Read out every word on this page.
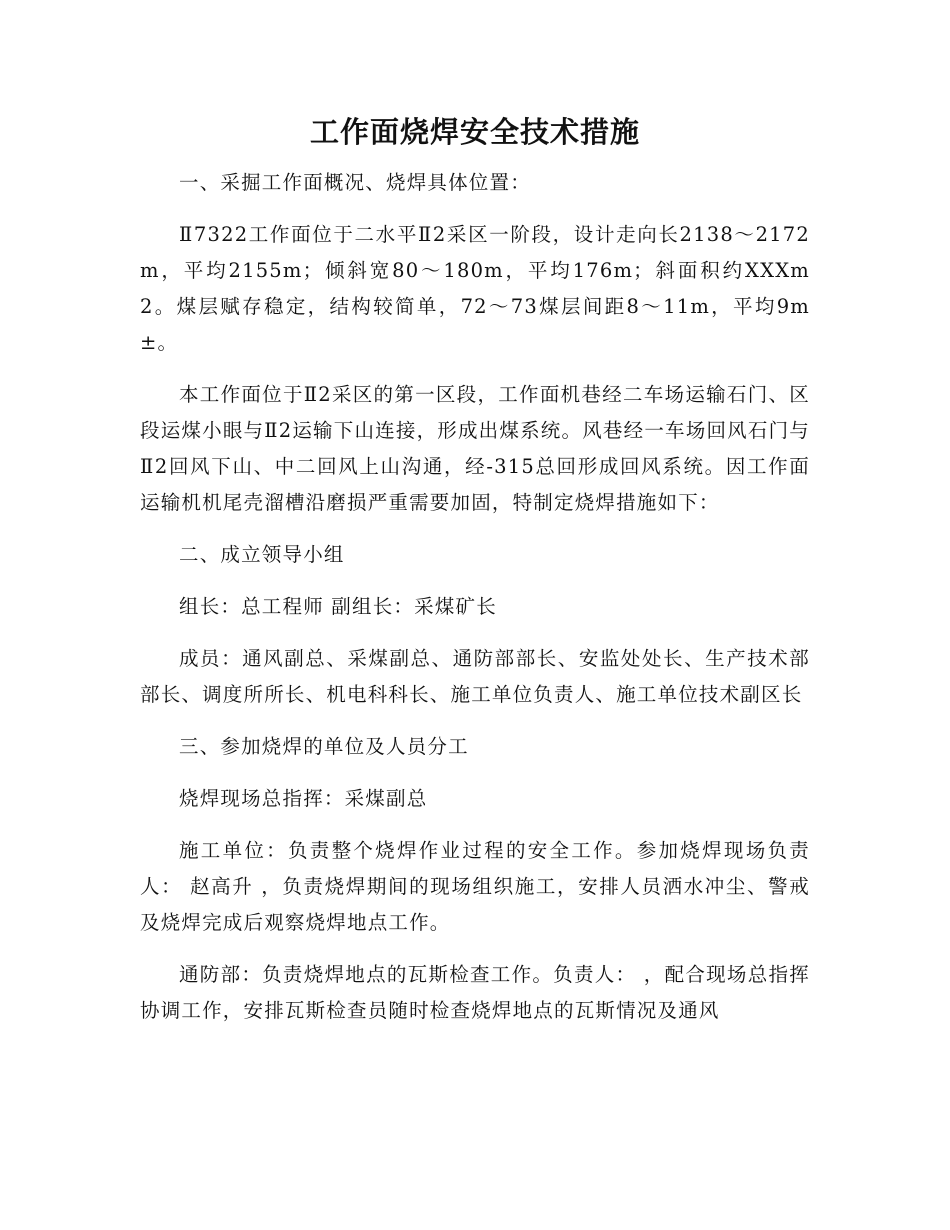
工作面烧焊安全技术措施

一、采掘工作面概况、烧焊具体位置：

Ⅱ7322工作面位于二水平Ⅱ2采区一阶段，设计走向长2138～2172m，平均2155m；倾斜宽80～180m，平均176m；斜面积约XXXm2。煤层赋存稳定，结构较简单，72～73煤层间距8～11m，平均9m±。

本工作面位于Ⅱ2采区的第一区段，工作面机巷经二车场运输石门、区段运煤小眼与Ⅱ2运输下山连接，形成出煤系统。风巷经一车场回风石门与Ⅱ2回风下山、中二回风上山沟通，经-315总回形成回风系统。因工作面运输机机尾壳溜槽沿磨损严重需要加固，特制定烧焊措施如下：

二、成立领导小组

组长：总工程师 副组长：采煤矿长

成员：通风副总、采煤副总、通防部部长、安监处处长、生产技术部部长、调度所所长、机电科科长、施工单位负责人、施工单位技术副区长

三、参加烧焊的单位及人员分工

烧焊现场总指挥：采煤副总

施工单位：负责整个烧焊作业过程的安全工作。参加烧焊现场负责人： 赵高升 ，负责烧焊期间的现场组织施工，安排人员洒水冲尘、警戒及烧焊完成后观察烧焊地点工作。

通防部：负责烧焊地点的瓦斯检查工作。负责人： ，配合现场总指挥协调工作，安排瓦斯检查员随时检查烧焊地点的瓦斯情况及通风
